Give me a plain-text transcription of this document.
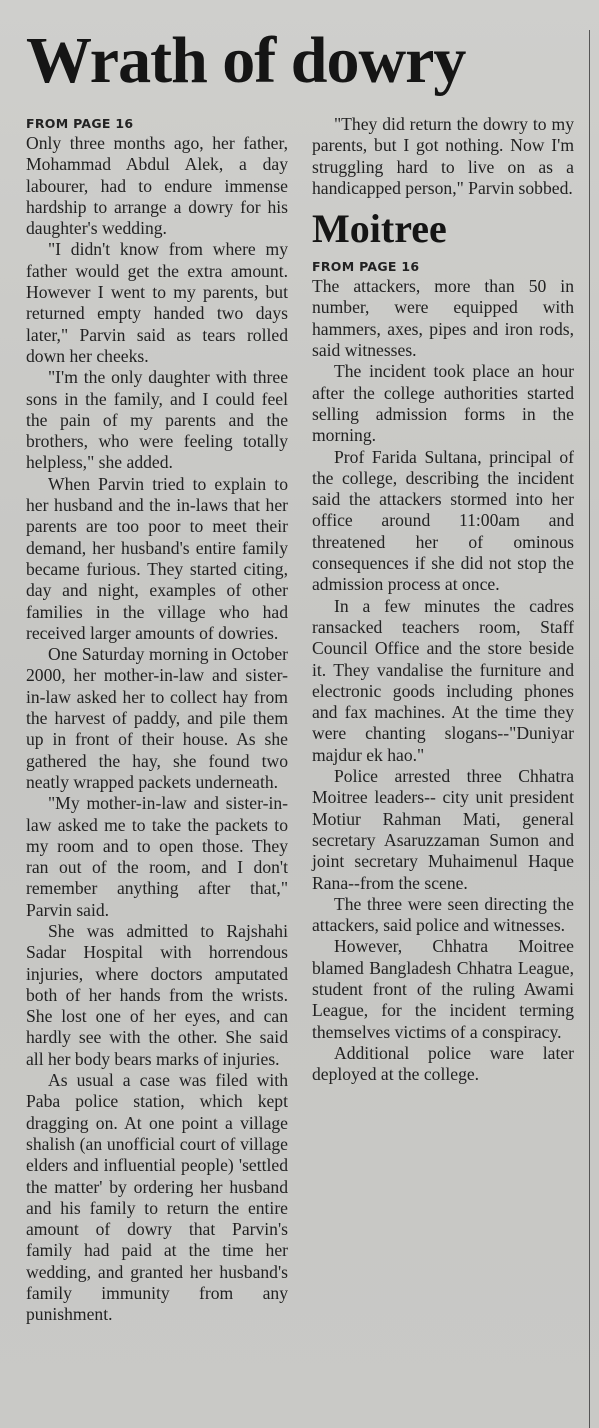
Wrath of dowry
FROM PAGE 16

Only three months ago, her father, Mohammad Abdul Alek, a day labourer, had to endure immense hardship to arrange a dowry for his daughter's wedding.

"I didn't know from where my father would get the extra amount. However I went to my parents, but returned empty handed two days later," Parvin said as tears rolled down her cheeks.

"I'm the only daughter with three sons in the family, and I could feel the pain of my parents and the brothers, who were feeling totally helpless," she added.

When Parvin tried to explain to her husband and the in-laws that her parents are too poor to meet their demand, her husband's entire family became furious. They started citing, day and night, examples of other families in the village who had received larger amounts of dowries.

One Saturday morning in October 2000, her mother-in-law and sister-in-law asked her to collect hay from the harvest of paddy, and pile them up in front of their house. As she gathered the hay, she found two neatly wrapped packets underneath.

"My mother-in-law and sister-in-law asked me to take the packets to my room and to open those. They ran out of the room, and I don't remember anything after that," Parvin said.

She was admitted to Rajshahi Sadar Hospital with horrendous injuries, where doctors amputated both of her hands from the wrists. She lost one of her eyes, and can hardly see with the other. She said all her body bears marks of injuries.

As usual a case was filed with Paba police station, which kept dragging on. At one point a village shalish (an unofficial court of village elders and influential people) 'settled the matter' by ordering her husband and his family to return the entire amount of dowry that Parvin's family had paid at the time her wedding, and granted her husband's family immunity from any punishment.

"They did return the dowry to my parents, but I got nothing. Now I'm struggling hard to live on as a handicapped person," Parvin sobbed.

Moitree
FROM PAGE 16

The attackers, more than 50 in number, were equipped with hammers, axes, pipes and iron rods, said witnesses.

The incident took place an hour after the college authorities started selling admission forms in the morning.

Prof Farida Sultana, principal of the college, describing the incident said the attackers stormed into her office around 11:00am and threatened her of ominous consequences if she did not stop the admission process at once.

In a few minutes the cadres ransacked teachers room, Staff Council Office and the store beside it. They vandalise the furniture and electronic goods including phones and fax machines. At the time they were chanting slogans--"Duniyar majdur ek hao."

Police arrested three Chhatra Moitree leaders-- city unit president Motiur Rahman Mati, general secretary Asaruzzaman Sumon and joint secretary Muhaimenul Haque Rana--from the scene.

The three were seen directing the attackers, said police and witnesses.

However, Chhatra Moitree blamed Bangladesh Chhatra League, student front of the ruling Awami League, for the incident terming themselves victims of a conspiracy.

Additional police ware later deployed at the college.
